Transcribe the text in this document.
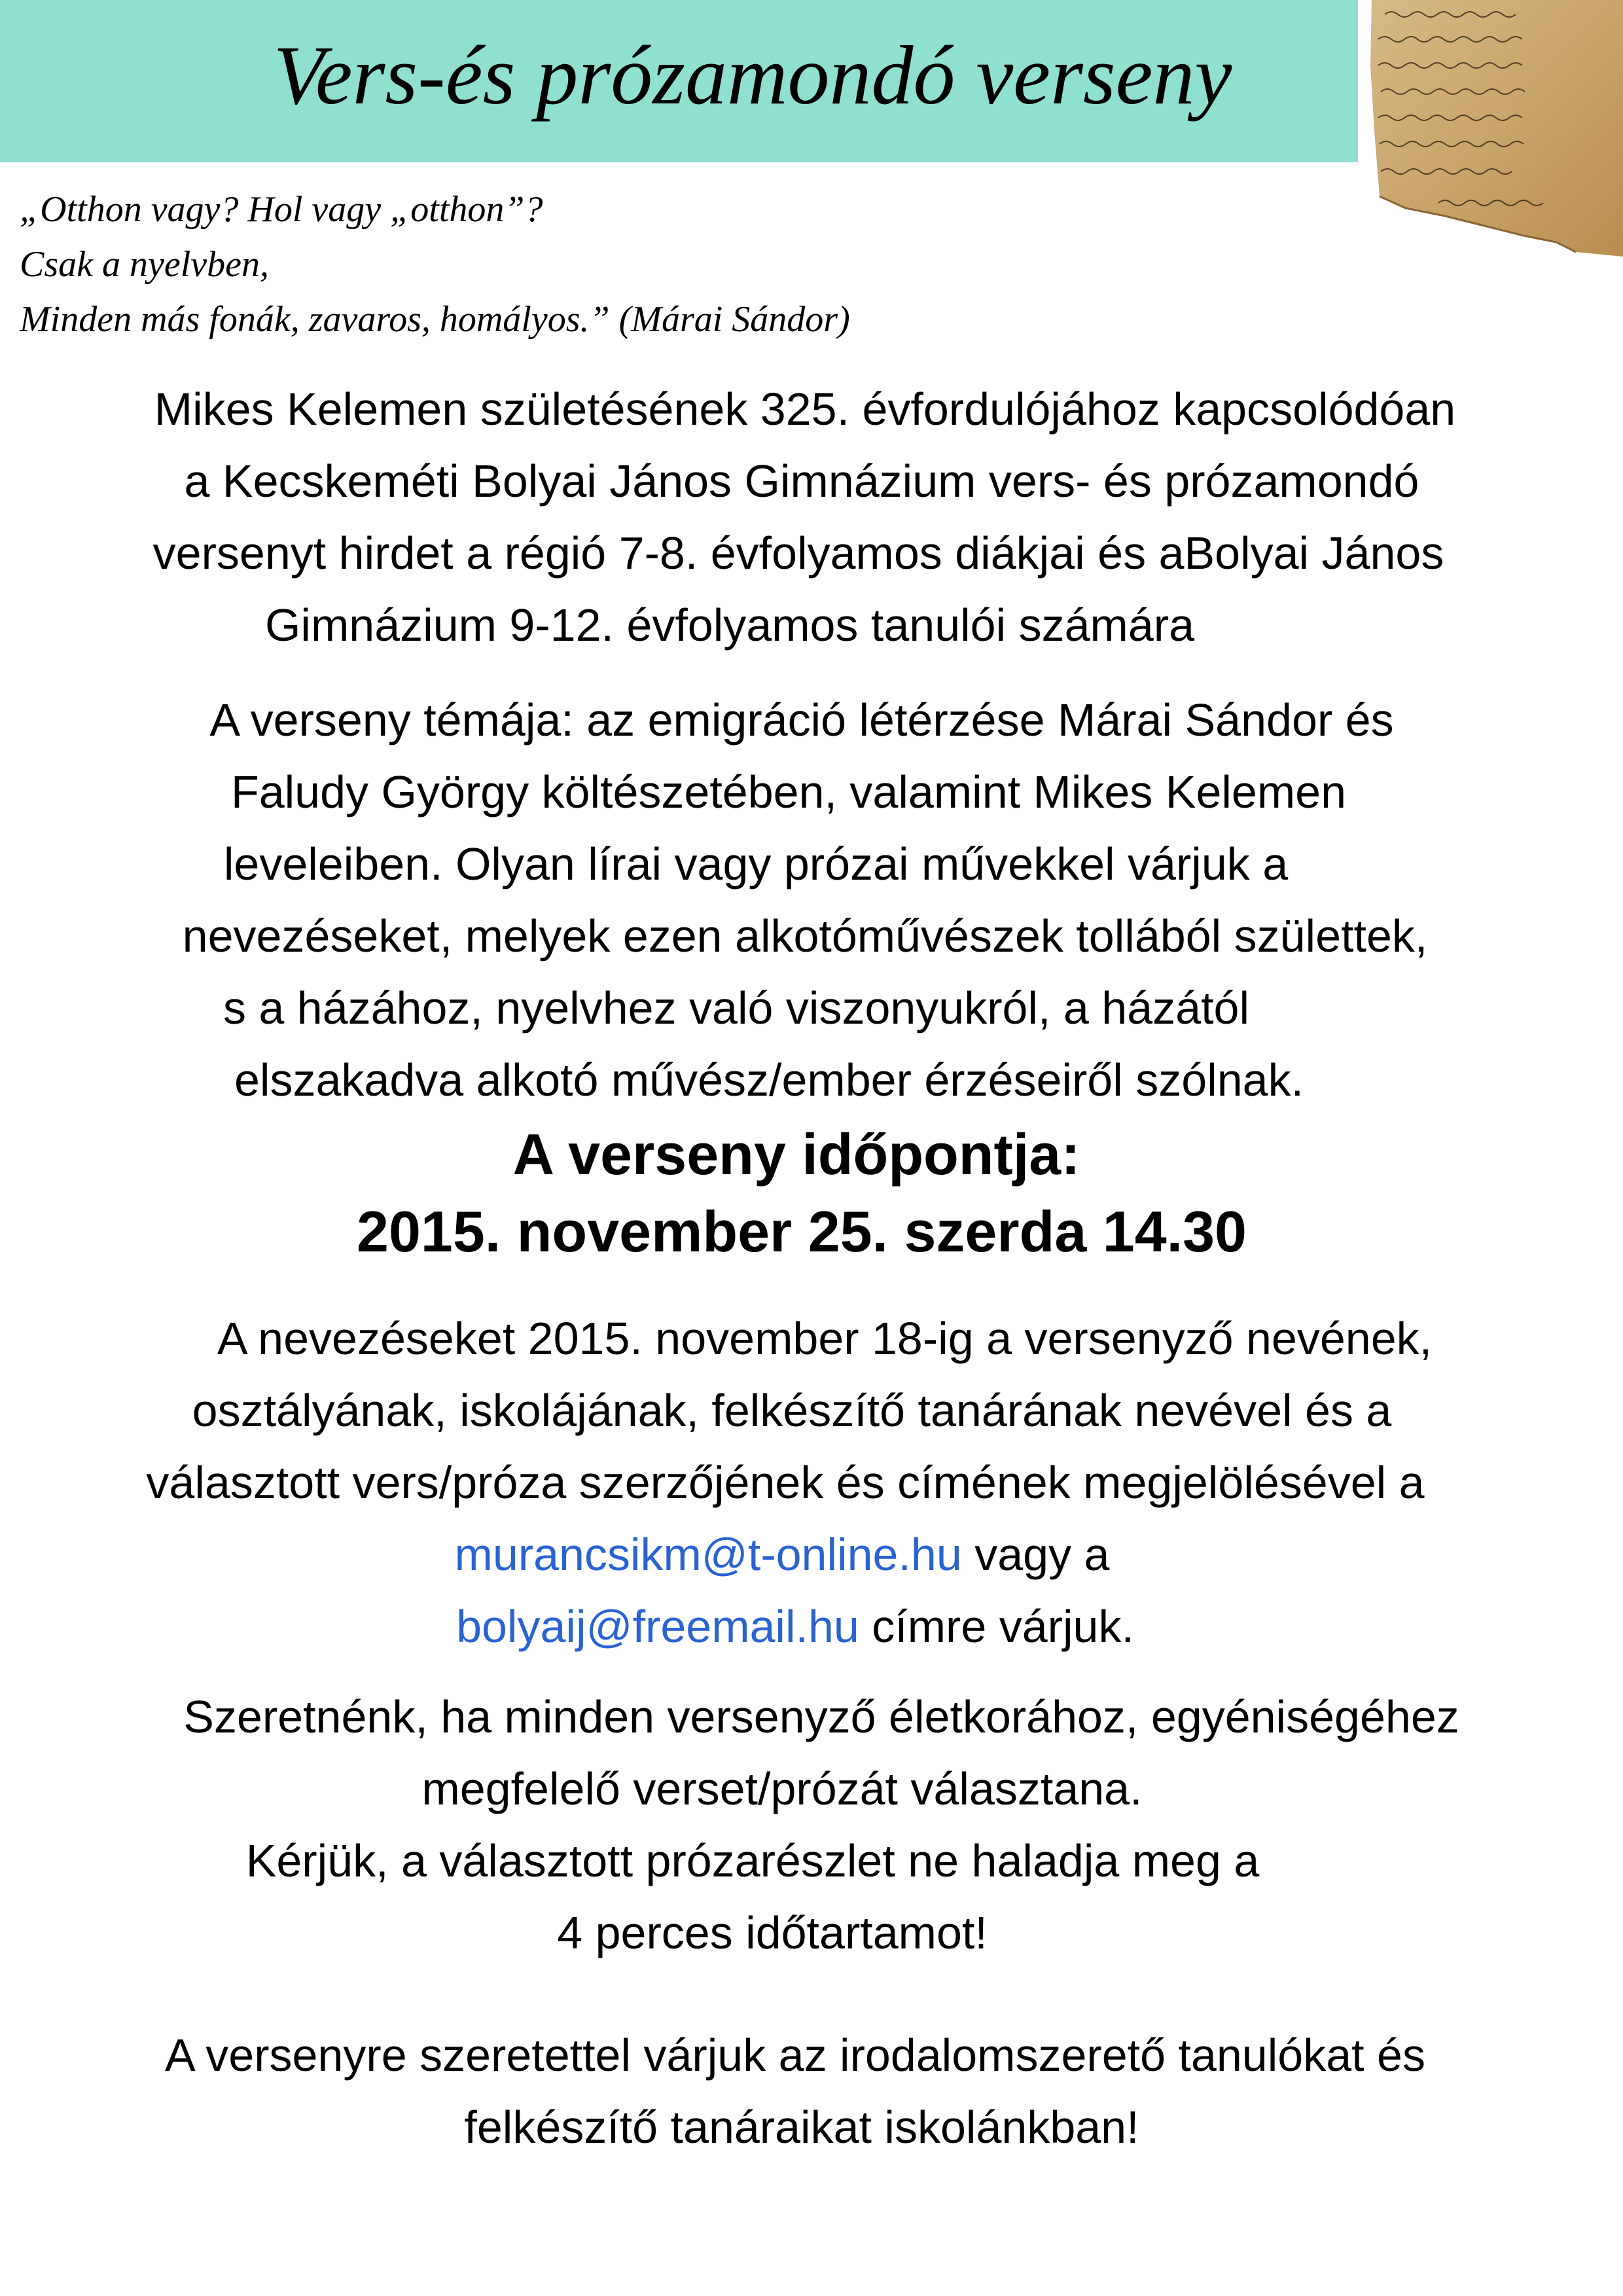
Vers-és prózamondó verseny
„Otthon vagy? Hol vagy „otthon”?
Csak a nyelvben,
Minden más fonák, zavaros, homályos.” (Márai Sándor)
Mikes Kelemen születésének 325. évfordulójához kapcsolódóan
a Kecskeméti Bolyai János Gimnázium vers- és prózamondó
versenyt hirdet a régió 7-8. évfolyamos diákjai és aBolyai János
Gimnázium 9-12. évfolyamos tanulói számára
A verseny témája: az emigráció létérzése Márai Sándor és
Faludy György költészetében, valamint Mikes Kelemen
leveleiben. Olyan lírai vagy prózai művekkel várjuk a
nevezéseket, melyek ezen alkotóművészek tollából születtek,
s a házához, nyelvhez való viszonyukról, a házától
elszakadva alkotó művész/ember érzéseiről szólnak.
A verseny időpontja:
2015. november 25. szerda 14.30
A nevezéseket 2015. november 18-ig a versenyző nevének,
osztályának, iskolájának, felkészítő tanárának nevével és a
választott vers/próza szerzőjének és címének megjelölésével a
murancsikm@t-online.hu vagy a
bolyaij@freemail.hu címre várjuk.
Szeretnénk, ha minden versenyző életkorához, egyéniségéhez
megfelelő verset/prózát választana.
Kérjük, a választott prózarészlet ne haladja meg a
4 perces időtartamot!
A versenyre szeretettel várjuk az irodalomszerető tanulókat és
felkészítő tanáraikat iskolánkban!
